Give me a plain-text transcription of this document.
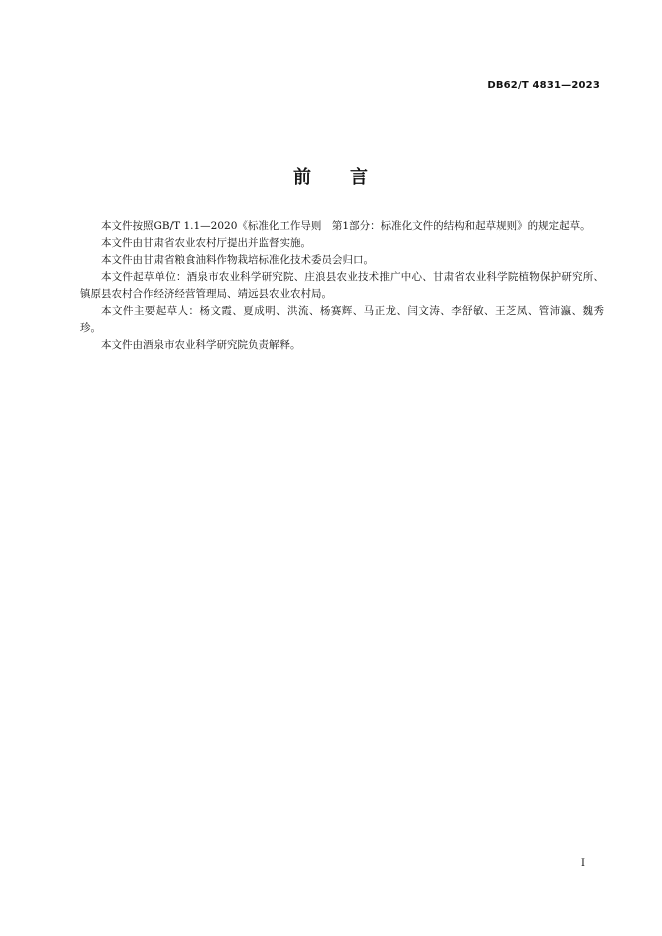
DB62/T 4831—2023
前　　言

本文件按照GB/T 1.1—2020《标准化工作导则　第1部分：标准化文件的结构和起草规则》的规定起草。

本文件由甘肃省农业农村厅提出并监督实施。

本文件由甘肃省粮食油料作物栽培标准化技术委员会归口。

本文件起草单位：酒泉市农业科学研究院、庄浪县农业技术推广中心、甘肃省农业科学院植物保护研究所、镇原县农村合作经济经营管理局、靖远县农业农村局。

本文件主要起草人：杨文霞、夏成明、洪流、杨赛辉、马正龙、闫文涛、李舒敏、王芝凤、管沛瀛、魏秀珍。

本文件由酒泉市农业科学研究院负责解释。

I
